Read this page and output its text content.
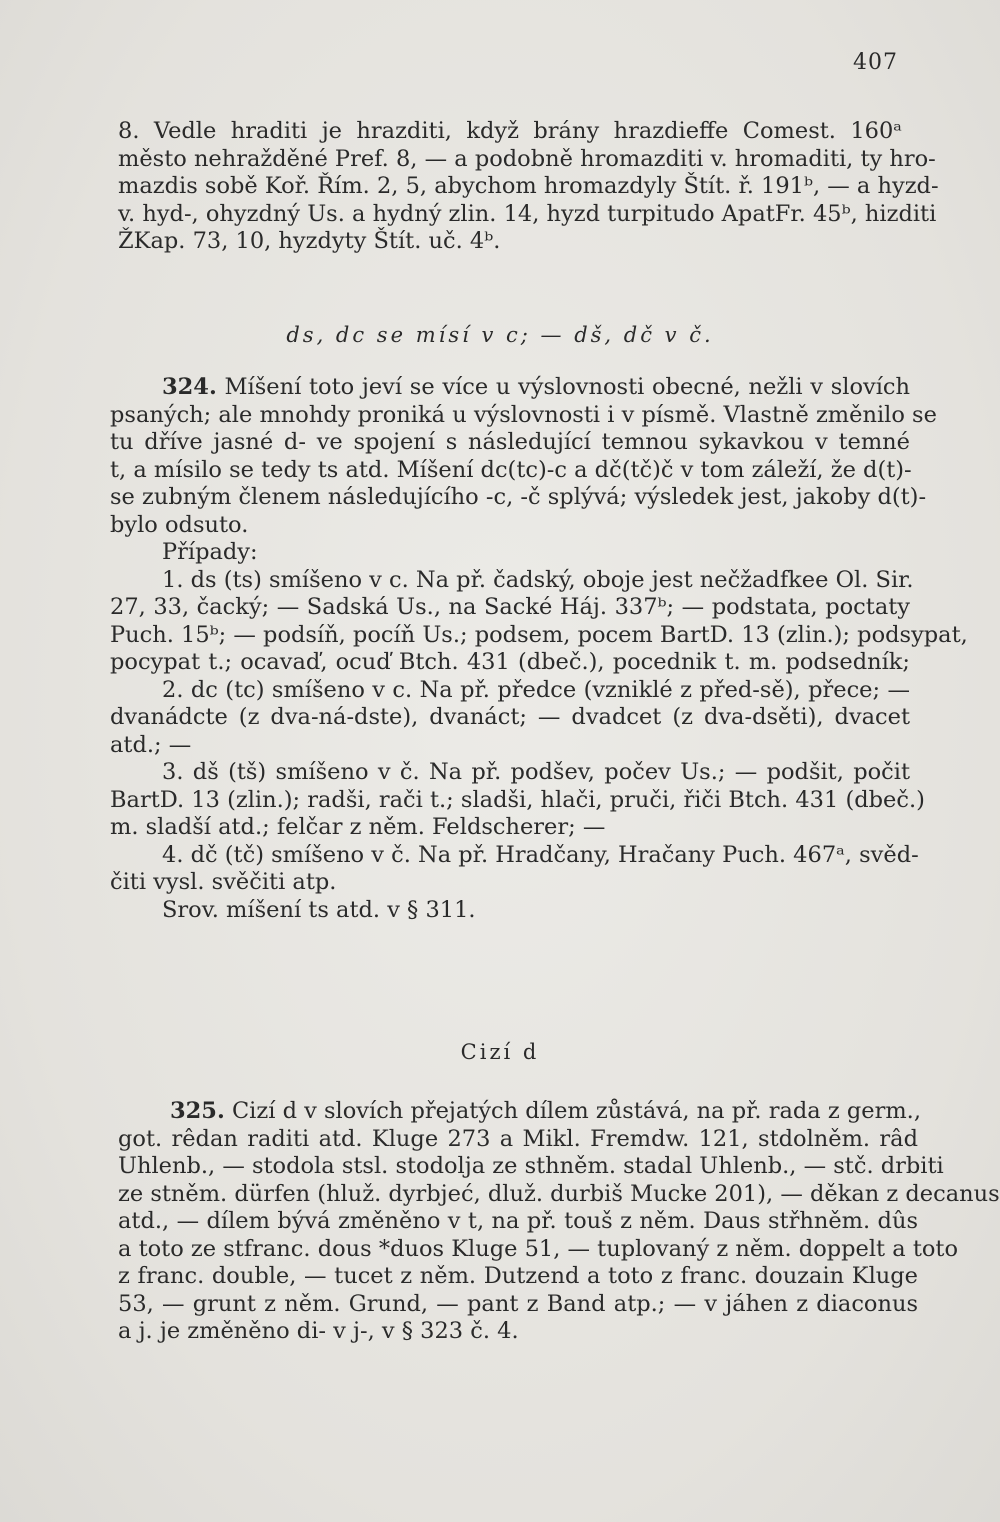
407

8. Vedle hraditi je hrazditi, když brány hrazdieffe Comest. 160ᵃ
město nehražděné Pref. 8, — a podobně hromazditi v. hromaditi, ty hro-
mazdis sobě Koř. Řím. 2, 5, abychom hromazdyly Štít. ř. 191ᵇ, — a hyzd-
v. hyd-, ohyzdný Us. a hydný zlin. 14, hyzd turpitudo ApatFr. 45ᵇ, hizditi
ŽKap. 73, 10, hyzdyty Štít. uč. 4ᵇ.

ds, dc se mísí v c; — dš, dč v č.

324. Míšení toto jeví se více u výslovnosti obecné, nežli v slovích
psaných; ale mnohdy proniká u výslovnosti i v písmě. Vlastně změnilo se
tu dříve jasné d- ve spojení s následující temnou sykavkou v temné
t, a mísilo se tedy ts atd. Míšení dc(tc)-c a dč(tč)č v tom záleží, že d(t)-
se zubným členem následujícího -c, -č splývá; výsledek jest, jakoby d(t)-
bylo odsuto.
Případy:
1. ds (ts) smíšeno v c. Na př. čadský, oboje jest nečžadfkee Ol. Sir.
27, 33, čacký; — Sadská Us., na Sacké Háj. 337ᵇ; — podstata, poctaty
Puch. 15ᵇ; — podsíň, pocíň Us.; podsem, pocem BartD. 13 (zlin.); podsypat,
pocypat t.; ocavaď, ocuď Btch. 431 (dbeč.), pocednik t. m. podsedník;
2. dc (tc) smíšeno v c. Na př. předce (vzniklé z před-sě), přece; —
dvanádcte (z dva-ná-dste), dvanáct; — dvadcet (z dva-dsěti), dvacet
atd.; —
3. dš (tš) smíšeno v č. Na př. podšev, počev Us.; — podšit, počit
BartD. 13 (zlin.); radši, rači t.; sladši, hlači, pruči, řiči Btch. 431 (dbeč.)
m. sladší atd.; felčar z něm. Feldscherer; —
4. dč (tč) smíšeno v č. Na př. Hradčany, Hračany Puch. 467ᵃ, svěd-
čiti vysl. svěčiti atp.
Srov. míšení ts atd. v § 311.

Cizí d

325. Cizí d v slovích přejatých dílem zůstává, na př. rada z germ.,
got. rêdan raditi atd. Kluge 273 a Mikl. Fremdw. 121, stdolněm. râd
Uhlenb., — stodola stsl. stodolja ze sthněm. stadal Uhlenb., — stč. drbiti
ze stněm. dürfen (hluž. dyrbjeć, dluž. durbiš Mucke 201), — děkan z decanus
atd., — dílem bývá změněno v t, na př. touš z něm. Daus střhněm. dûs
a toto ze stfranc. dous *duos Kluge 51, — tuplovaný z něm. doppelt a toto
z franc. double, — tucet z něm. Dutzend a toto z franc. douzain Kluge
53, — grunt z něm. Grund, — pant z Band atp.; — v jáhen z diaconus
a j. je změněno di- v j-, v § 323 č. 4.
